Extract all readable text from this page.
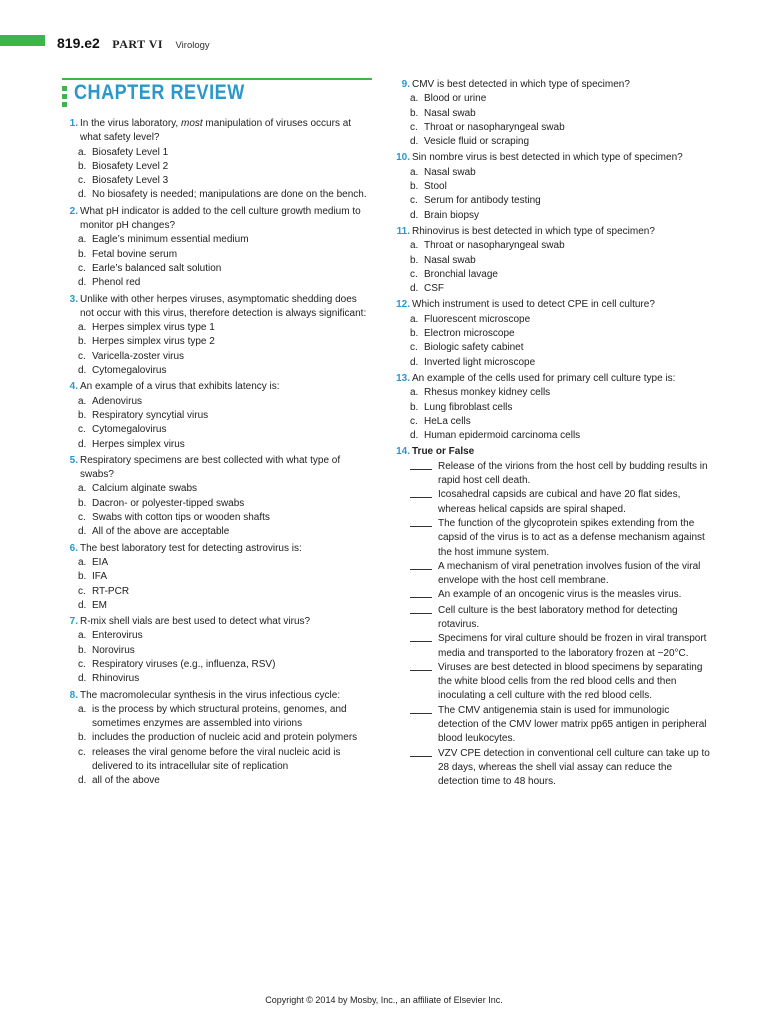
819.e2 PART VI Virology
CHAPTER REVIEW
1. In the virus laboratory, most manipulation of viruses occurs at what safety level?
a. Biosafety Level 1
b. Biosafety Level 2
c. Biosafety Level 3
d. No biosafety is needed; manipulations are done on the bench.
2. What pH indicator is added to the cell culture growth medium to monitor pH changes?
a. Eagle’s minimum essential medium
b. Fetal bovine serum
c. Earle’s balanced salt solution
d. Phenol red
3. Unlike with other herpes viruses, asymptomatic shedding does not occur with this virus, therefore detection is always significant:
a. Herpes simplex virus type 1
b. Herpes simplex virus type 2
c. Varicella-zoster virus
d. Cytomegalovirus
4. An example of a virus that exhibits latency is:
a. Adenovirus
b. Respiratory syncytial virus
c. Cytomegalovirus
d. Herpes simplex virus
5. Respiratory specimens are best collected with what type of swabs?
a. Calcium alginate swabs
b. Dacron- or polyester-tipped swabs
c. Swabs with cotton tips or wooden shafts
d. All of the above are acceptable
6. The best laboratory test for detecting astrovirus is:
a. EIA
b. IFA
c. RT-PCR
d. EM
7. R-mix shell vials are best used to detect what virus?
a. Enterovirus
b. Norovirus
c. Respiratory viruses (e.g., influenza, RSV)
d. Rhinovirus
8. The macromolecular synthesis in the virus infectious cycle:
a. is the process by which structural proteins, genomes, and sometimes enzymes are assembled into virions
b. includes the production of nucleic acid and protein polymers
c. releases the viral genome before the viral nucleic acid is delivered to its intracellular site of replication
d. all of the above
9. CMV is best detected in which type of specimen?
a. Blood or urine
b. Nasal swab
c. Throat or nasopharyngeal swab
d. Vesicle fluid or scraping
10. Sin nombre virus is best detected in which type of specimen?
a. Nasal swab
b. Stool
c. Serum for antibody testing
d. Brain biopsy
11. Rhinovirus is best detected in which type of specimen?
a. Throat or nasopharyngeal swab
b. Nasal swab
c. Bronchial lavage
d. CSF
12. Which instrument is used to detect CPE in cell culture?
a. Fluorescent microscope
b. Electron microscope
c. Biologic safety cabinet
d. Inverted light microscope
13. An example of the cells used for primary cell culture type is:
a. Rhesus monkey kidney cells
b. Lung fibroblast cells
c. HeLa cells
d. Human epidermoid carcinoma cells
14. True or False
Release of the virions from the host cell by budding results in rapid host cell death.
Icosahedral capsids are cubical and have 20 flat sides, whereas helical capsids are spiral shaped.
The function of the glycoprotein spikes extending from the capsid of the virus is to act as a defense mechanism against the host immune system.
A mechanism of viral penetration involves fusion of the viral envelope with the host cell membrane.
An example of an oncogenic virus is the measles virus.
Cell culture is the best laboratory method for detecting rotavirus.
Specimens for viral culture should be frozen in viral transport media and transported to the laboratory frozen at −20°C.
Viruses are best detected in blood specimens by separating the white blood cells from the red blood cells and then inoculating a cell culture with the red blood cells.
The CMV antigenemia stain is used for immunologic detection of the CMV lower matrix pp65 antigen in peripheral blood leukocytes.
VZV CPE detection in conventional cell culture can take up to 28 days, whereas the shell vial assay can reduce the detection time to 48 hours.
Copyright © 2014 by Mosby, Inc., an affiliate of Elsevier Inc.
